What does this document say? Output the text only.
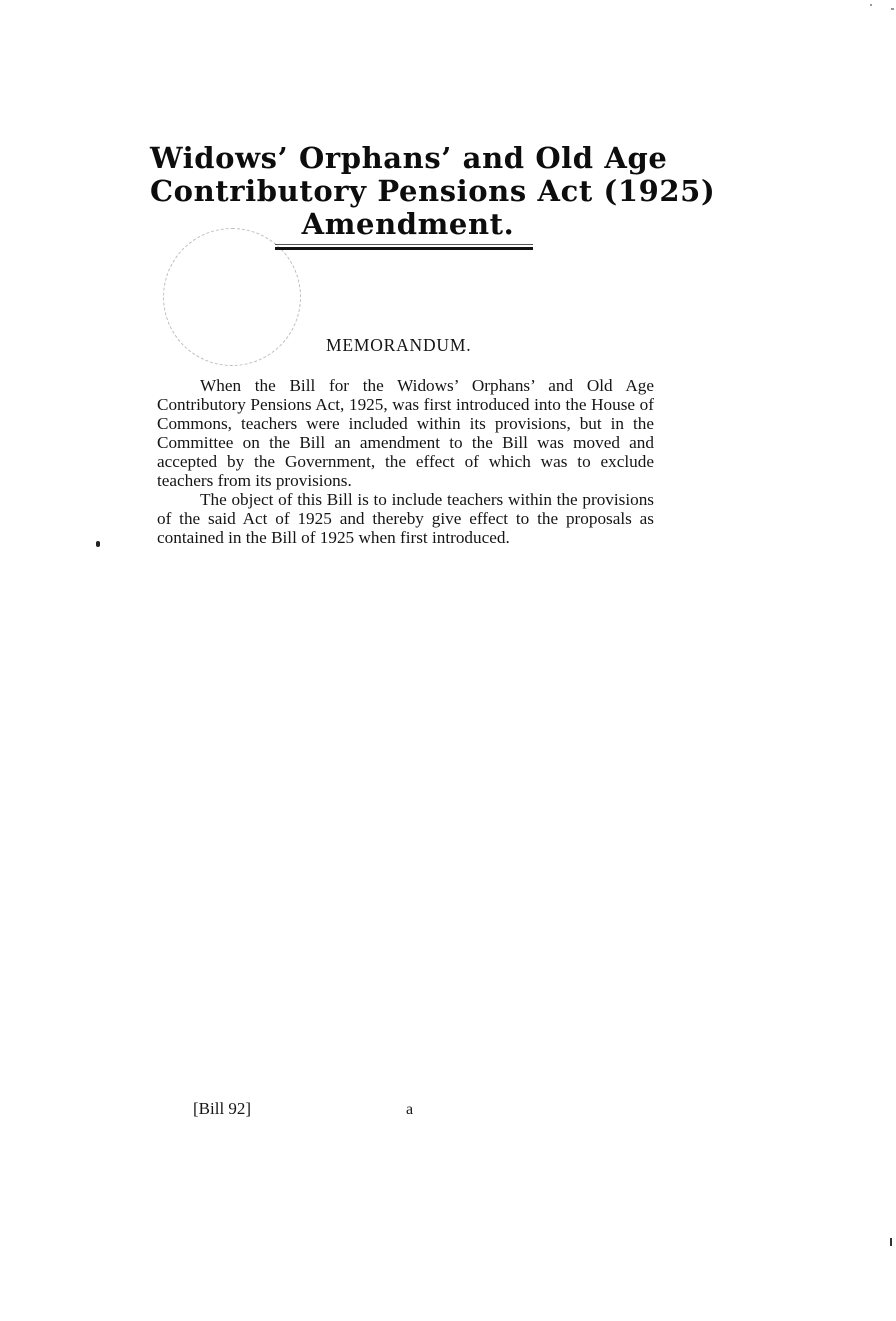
Widows’ Orphans’ and Old Age
Contributory Pensions Act (1925)
Amendment.
MEMORANDUM.

When the Bill for the Widows’ Orphans’ and Old Age Contributory Pensions Act, 1925, was first introduced into the House of Commons, teachers were included within its provisions, but in the Committee on the Bill an amendment to the Bill was moved and accepted by the Government, the effect of which was to exclude teachers from its provisions.

The object of this Bill is to include teachers within the provisions of the said Act of 1925 and thereby give effect to the proposals as contained in the Bill of 1925 when first introduced.

[Bill 92]	a
